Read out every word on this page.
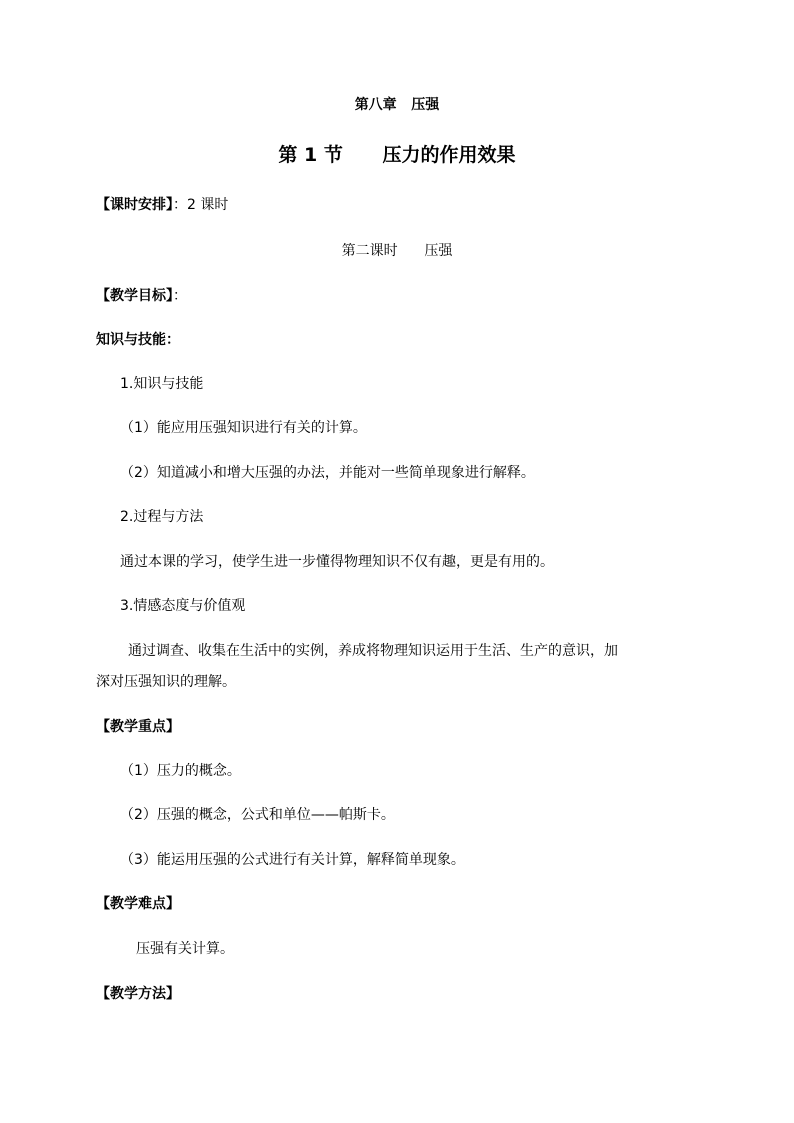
第八章   压强
第 1 节      压力的作用效果
【课时安排】：2 课时
第二课时      压强
【教学目标】：
知识与技能：
1.知识与技能
（1）能应用压强知识进行有关的计算。
（2）知道减小和增大压强的办法，并能对一些简单现象进行解释。
2.过程与方法
通过本课的学习，使学生进一步懂得物理知识不仅有趣，更是有用的。
3.情感态度与价值观
通过调查、收集在生活中的实例，养成将物理知识运用于生活、生产的意识，加
深对压强知识的理解。
【教学重点】
（1）压力的概念。
（2）压强的概念，公式和单位——帕斯卡。
（3）能运用压强的公式进行有关计算，解释简单现象。
【教学难点】
压强有关计算。
【教学方法】
